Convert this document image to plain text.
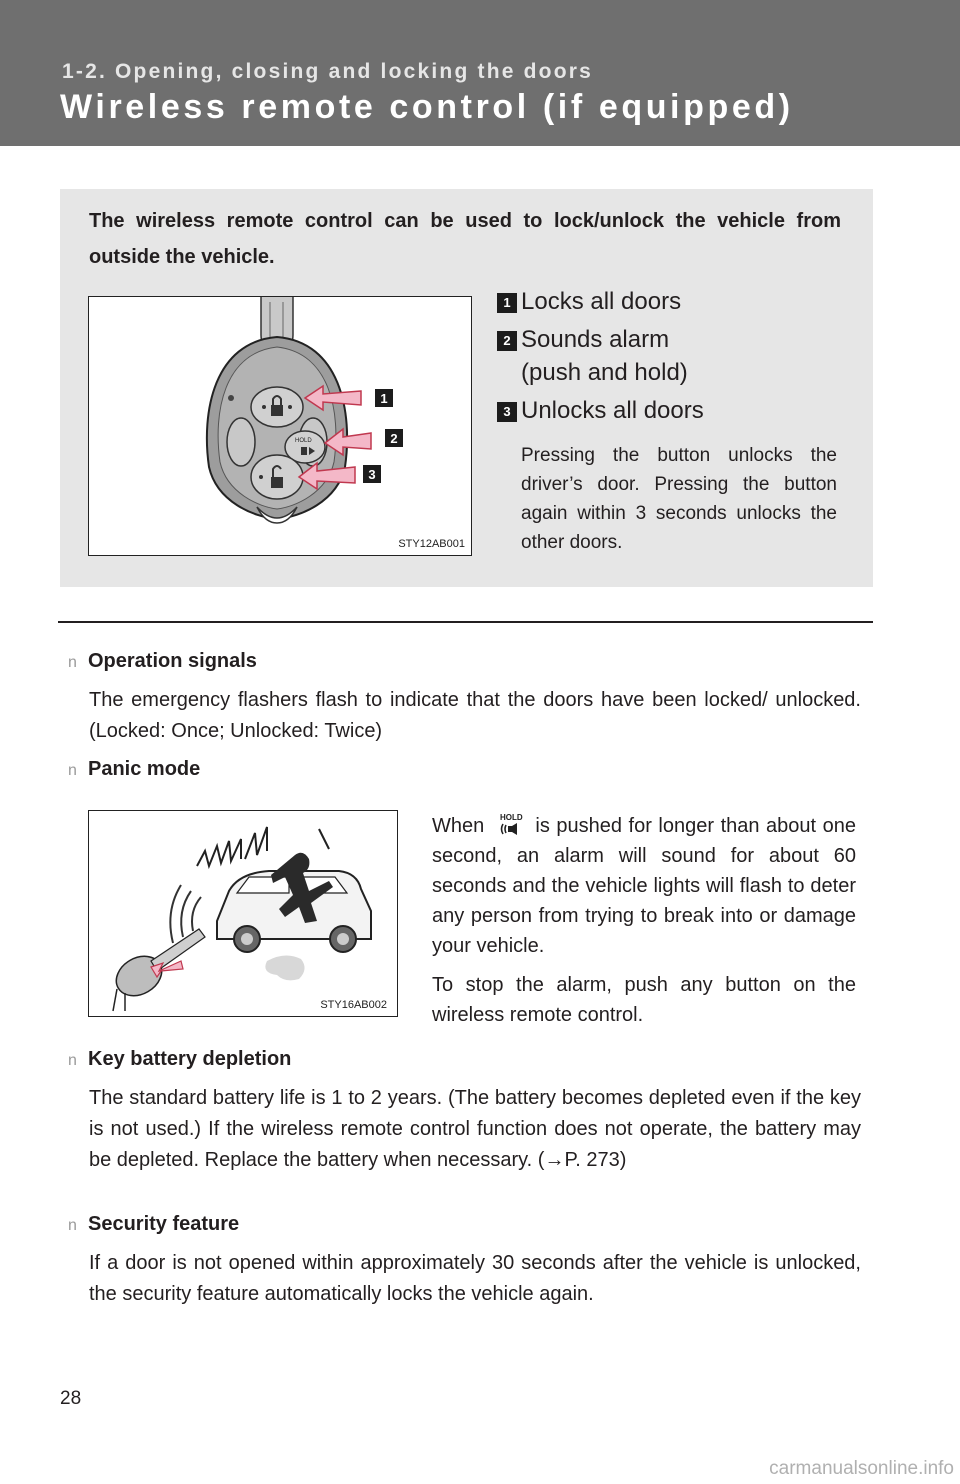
1-2. Opening, closing and locking the doors
Wireless remote control (if equipped)
The wireless remote control can be used to lock/unlock the vehicle from outside the vehicle.
HOLD
1
2
3
STY12AB001
1 Locks all doors
2 Sounds alarm
(push and hold)
3 Unlocks all doors
Pressing the button unlocks the driver’s door. Pressing the button again within 3 seconds unlocks the other doors.
n Operation signals
The emergency flashers flash to indicate that the doors have been locked/ unlocked. (Locked: Once; Unlocked: Twice)
n Panic mode
STY16AB002

When HOLD is pushed for longer than about one second, an alarm will sound for about 60 seconds and the vehicle lights will flash to deter any person from trying to break into or damage your vehicle.

To stop the alarm, push any button on the wireless remote control.

n Key battery depletion
The standard battery life is 1 to 2 years. (The battery becomes depleted even if the key is not used.) If the wireless remote control function does not operate, the battery may be depleted. Replace the battery when necessary. (→P. 273)
n Security feature
If a door is not opened within approximately 30 seconds after the vehicle is unlocked, the security feature automatically locks the vehicle again.
28
carmanualsonline.info
